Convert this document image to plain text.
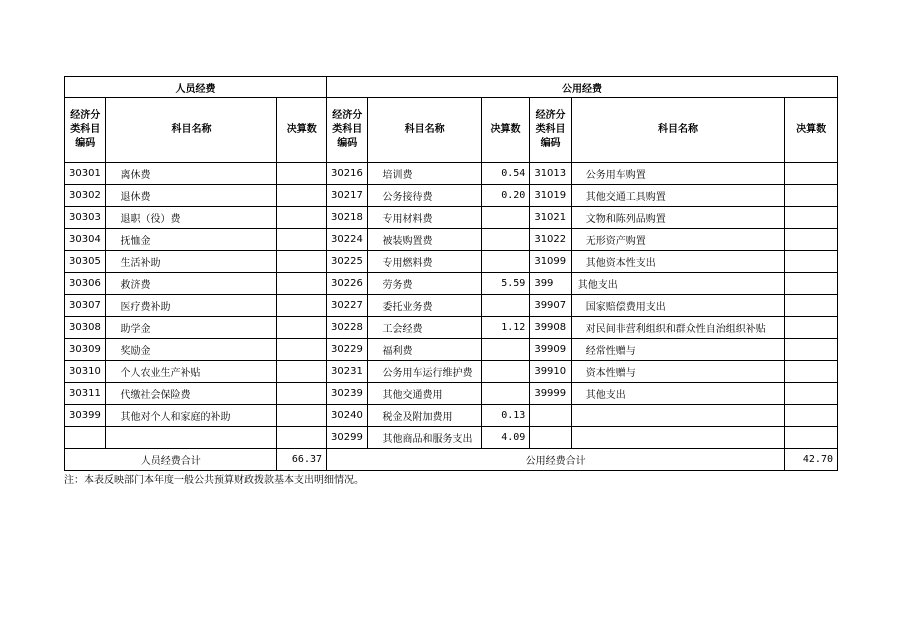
人员经费			公用经费					
经济分类科目编码	科目名称	决算数	经济分类科目编码	科目名称	决算数	经济分类科目编码	科目名称	决算数
30301	离休费		30216	培训费	0.54	31013	公务用车购置	
30302	退休费		30217	公务接待费	0.20	31019	其他交通工具购置	
30303	退职（役）费		30218	专用材料费		31021	文物和陈列品购置	
30304	抚恤金		30224	被装购置费		31022	无形资产购置	
30305	生活补助		30225	专用燃料费		31099	其他资本性支出	
30306	救济费		30226	劳务费	5.59	399	其他支出	
30307	医疗费补助		30227	委托业务费		39907	国家赔偿费用支出	
30308	助学金		30228	工会经费	1.12	39908	对民间非营利组织和群众性自治组织补贴	
30309	奖励金		30229	福利费		39909	经常性赠与	
30310	个人农业生产补贴		30231	公务用车运行维护费		39910	资本性赠与	
30311	代缴社会保险费		30239	其他交通费用		39999	其他支出	
30399	其他对个人和家庭的补助		30240	税金及附加费用	0.13			
			30299	其他商品和服务支出	4.09			
人员经费合计		66.37	公用经费合计					42.70
注：本表反映部门本年度一般公共预算财政拨款基本支出明细情况。
